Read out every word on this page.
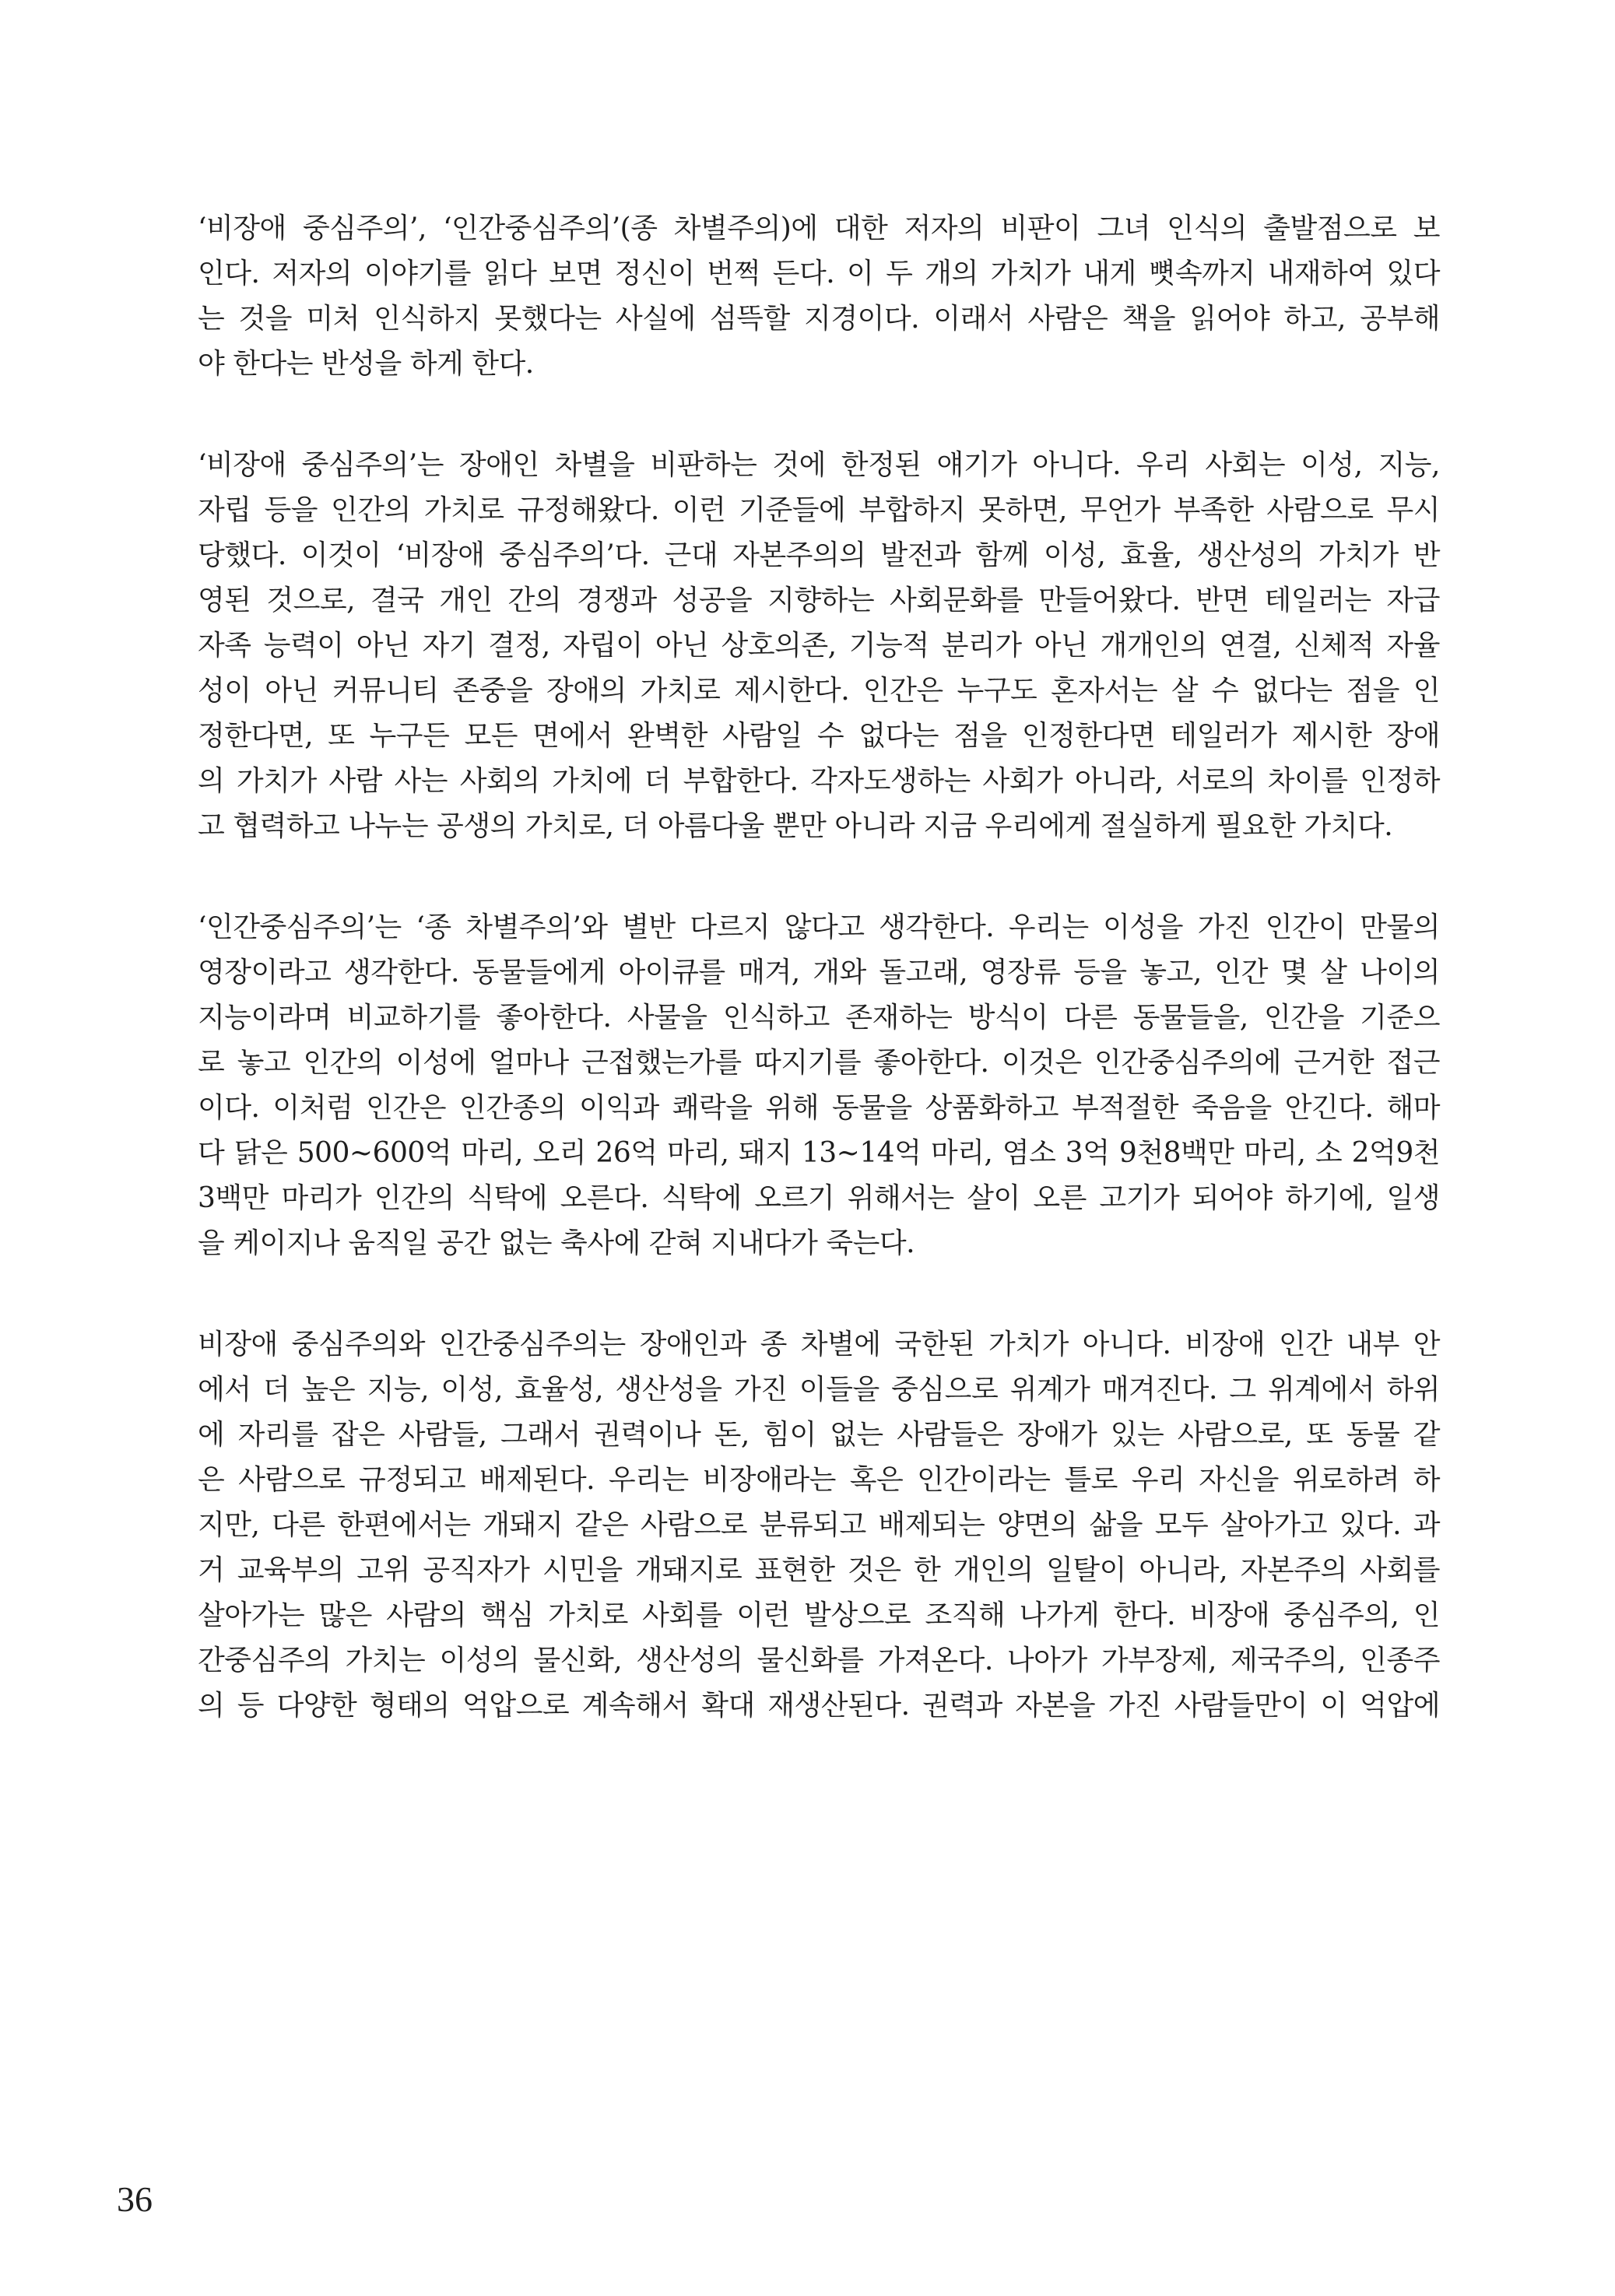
‘비장애 중심주의’, ‘인간중심주의’(종 차별주의)에 대한 저자의 비판이 그녀 인식의 출발점으로 보
인다. 저자의 이야기를 읽다 보면 정신이 번쩍 든다. 이 두 개의 가치가 내게 뼛속까지 내재하여 있다
는 것을 미처 인식하지 못했다는 사실에 섬뜩할 지경이다. 이래서 사람은 책을 읽어야 하고, 공부해
야 한다는 반성을 하게 한다.
‘비장애 중심주의’는 장애인 차별을 비판하는 것에 한정된 얘기가 아니다. 우리 사회는 이성, 지능,
자립 등을 인간의 가치로 규정해왔다. 이런 기준들에 부합하지 못하면, 무언가 부족한 사람으로 무시
당했다. 이것이 ‘비장애 중심주의’다. 근대 자본주의의 발전과 함께 이성, 효율, 생산성의 가치가 반
영된 것으로, 결국 개인 간의 경쟁과 성공을 지향하는 사회문화를 만들어왔다. 반면 테일러는 자급
자족 능력이 아닌 자기 결정, 자립이 아닌 상호의존, 기능적 분리가 아닌 개개인의 연결, 신체적 자율
성이 아닌 커뮤니티 존중을 장애의 가치로 제시한다. 인간은 누구도 혼자서는 살 수 없다는 점을 인
정한다면, 또 누구든 모든 면에서 완벽한 사람일 수 없다는 점을 인정한다면 테일러가 제시한 장애
의 가치가 사람 사는 사회의 가치에 더 부합한다. 각자도생하는 사회가 아니라, 서로의 차이를 인정하
고 협력하고 나누는 공생의 가치로, 더 아름다울 뿐만 아니라 지금 우리에게 절실하게 필요한 가치다.
‘인간중심주의’는 ‘종 차별주의’와 별반 다르지 않다고 생각한다. 우리는 이성을 가진 인간이 만물의
영장이라고 생각한다. 동물들에게 아이큐를 매겨, 개와 돌고래, 영장류 등을 놓고, 인간 몇 살 나이의
지능이라며 비교하기를 좋아한다. 사물을 인식하고 존재하는 방식이 다른 동물들을, 인간을 기준으
로 놓고 인간의 이성에 얼마나 근접했는가를 따지기를 좋아한다. 이것은 인간중심주의에 근거한 접근
이다. 이처럼 인간은 인간종의 이익과 쾌락을 위해 동물을 상품화하고 부적절한 죽음을 안긴다. 해마
다 닭은 500~600억 마리, 오리 26억 마리, 돼지 13~14억 마리, 염소 3억 9천8백만 마리, 소 2억9천
3백만 마리가 인간의 식탁에 오른다. 식탁에 오르기 위해서는 살이 오른 고기가 되어야 하기에, 일생
을 케이지나 움직일 공간 없는 축사에 갇혀 지내다가 죽는다.
비장애 중심주의와 인간중심주의는 장애인과 종 차별에 국한된 가치가 아니다. 비장애 인간 내부 안
에서 더 높은 지능, 이성, 효율성, 생산성을 가진 이들을 중심으로 위계가 매겨진다. 그 위계에서 하위
에 자리를 잡은 사람들, 그래서 권력이나 돈, 힘이 없는 사람들은 장애가 있는 사람으로, 또 동물 같
은 사람으로 규정되고 배제된다. 우리는 비장애라는 혹은 인간이라는 틀로 우리 자신을 위로하려 하
지만, 다른 한편에서는 개돼지 같은 사람으로 분류되고 배제되는 양면의 삶을 모두 살아가고 있다. 과
거 교육부의 고위 공직자가 시민을 개돼지로 표현한 것은 한 개인의 일탈이 아니라, 자본주의 사회를
살아가는 많은 사람의 핵심 가치로 사회를 이런 발상으로 조직해 나가게 한다. 비장애 중심주의, 인
간중심주의 가치는 이성의 물신화, 생산성의 물신화를 가져온다. 나아가 가부장제, 제국주의, 인종주
의 등 다양한 형태의 억압으로 계속해서 확대 재생산된다. 권력과 자본을 가진 사람들만이 이 억압에
36
